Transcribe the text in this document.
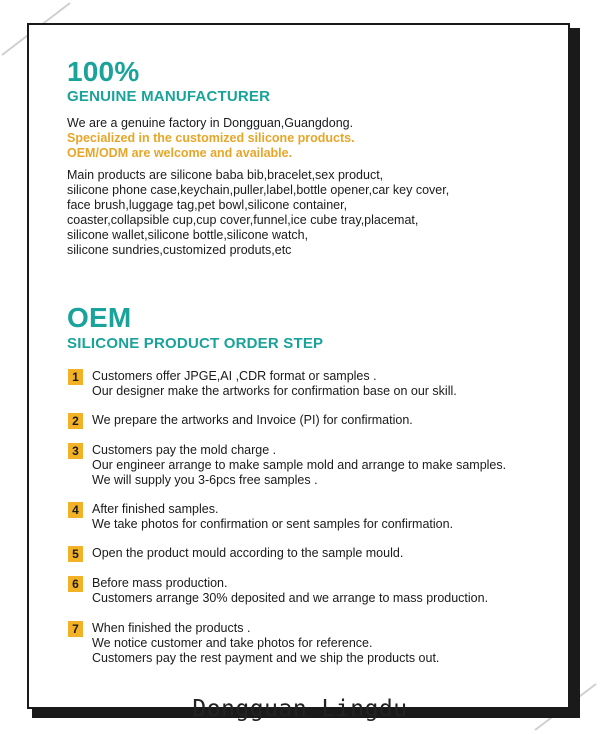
100%
GENUINE MANUFACTURER
We are a genuine factory in Dongguan,Guangdong.
Specialized in the customized silicone products.
OEM/ODM are welcome and available.
Main products are silicone baba bib,bracelet,sex product,
silicone phone case,keychain,puller,label,bottle opener,car key cover,
face brush,luggage tag,pet bowl,silicone container,
coaster,collapsible cup,cup cover,funnel,ice cube tray,placemat,
silicone wallet,silicone bottle,silicone watch,
silicone sundries,customized produts,etc
OEM
SILICONE PRODUCT ORDER STEP
1	Customers offer JPGE,AI ,CDR format or samples .
Our designer make the artworks for confirmation base on our skill.
2	We prepare the artworks and Invoice (PI) for confirmation.
3	Customers pay the mold charge .
Our engineer arrange to make sample mold and arrange to make samples.
We will supply you 3-6pcs free samples .
4	After finished samples.
We take photos for confirmation or sent samples for confirmation.
5	Open the product mould according to the sample mould.
6	Before mass production.
Customers arrange 30% deposited and we arrange to mass production.
7	When finished the products .
We notice customer and take photos for reference.
Customers pay the rest payment and we ship the products out.
Dongguan Lingdu
